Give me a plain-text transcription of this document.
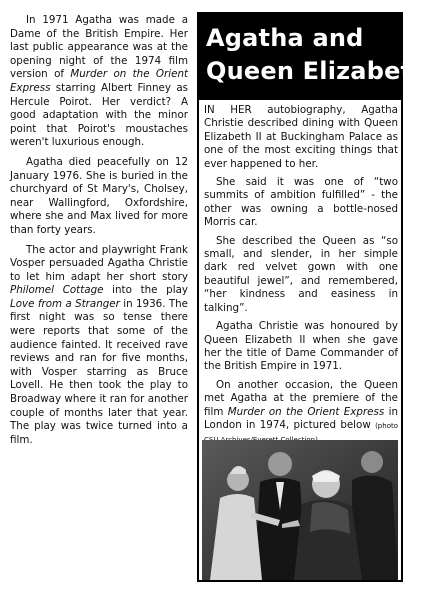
In 1971 Agatha was made a Dame of the British Empire. Her last public appearance was at the opening night of the 1974 film version of Murder on the Orient Express starring Albert Finney as Hercule Poirot. Her verdict? A good adaptation with the minor point that Poirot's moustaches weren't luxurious enough.

Agatha died peacefully on 12 January 1976. She is buried in the churchyard of St Mary's, Cholsey, near Wallingford, Oxfordshire, where she and Max lived for more than forty years.

The actor and playwright Frank Vosper persuaded Agatha Christie to let him adapt her short story Philomel Cottage into the play Love from a Stranger in 1936. The first night was so tense there were reports that some of the audience fainted. It received rave reviews and ran for five months, with Vosper starring as Bruce Lovell. He then took the play to Broadway where it ran for another couple of months later that year. The play was twice turned into a film.

Agatha and
Queen Elizabeth

IN HER autobiography, Agatha Christie described dining with Queen Elizabeth II at Buckingham Palace as one of the most exciting things that ever happened to her.

She said it was one of “two summits of ambition fulfilled” - the other was owning a bottle-nosed Morris car.

She described the Queen as “so small, and slender, in her simple dark red velvet gown with one beautiful jewel”, and remembered, “her kindness and easiness in talking”.

Agatha Christie was honoured by Queen Elizabeth II when she gave her the title of Dame Commander of the British Empire in 1971.

On another occasion, the Queen met Agatha at the premiere of the film Murder on the Orient Express in London in 1974, pictured below (photo
